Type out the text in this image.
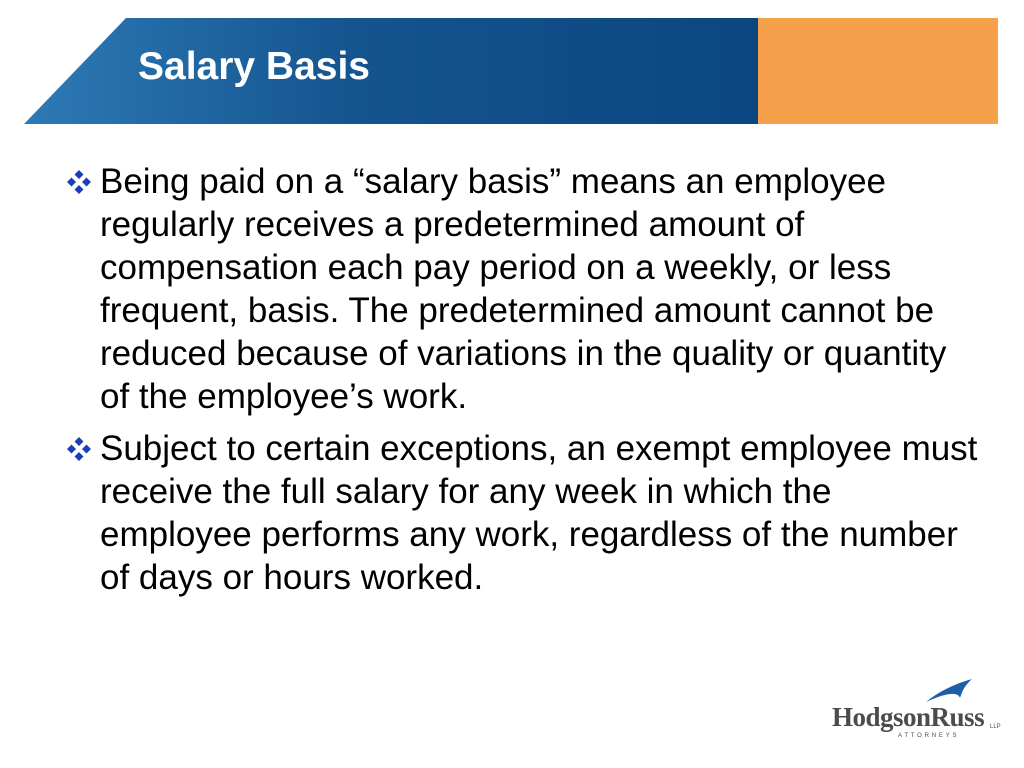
Salary Basis

Being paid on a “salary basis” means an employee regularly receives a predetermined amount of compensation each pay period on a weekly, or less frequent, basis. The predetermined amount cannot be reduced because of variations in the quality or quantity of the employee’s work.

Subject to certain exceptions, an exempt employee must receive the full salary for any week in which the employee performs any work, regardless of the number of days or hours worked.

HodgsonRuss LLP
ATTORNEYS
